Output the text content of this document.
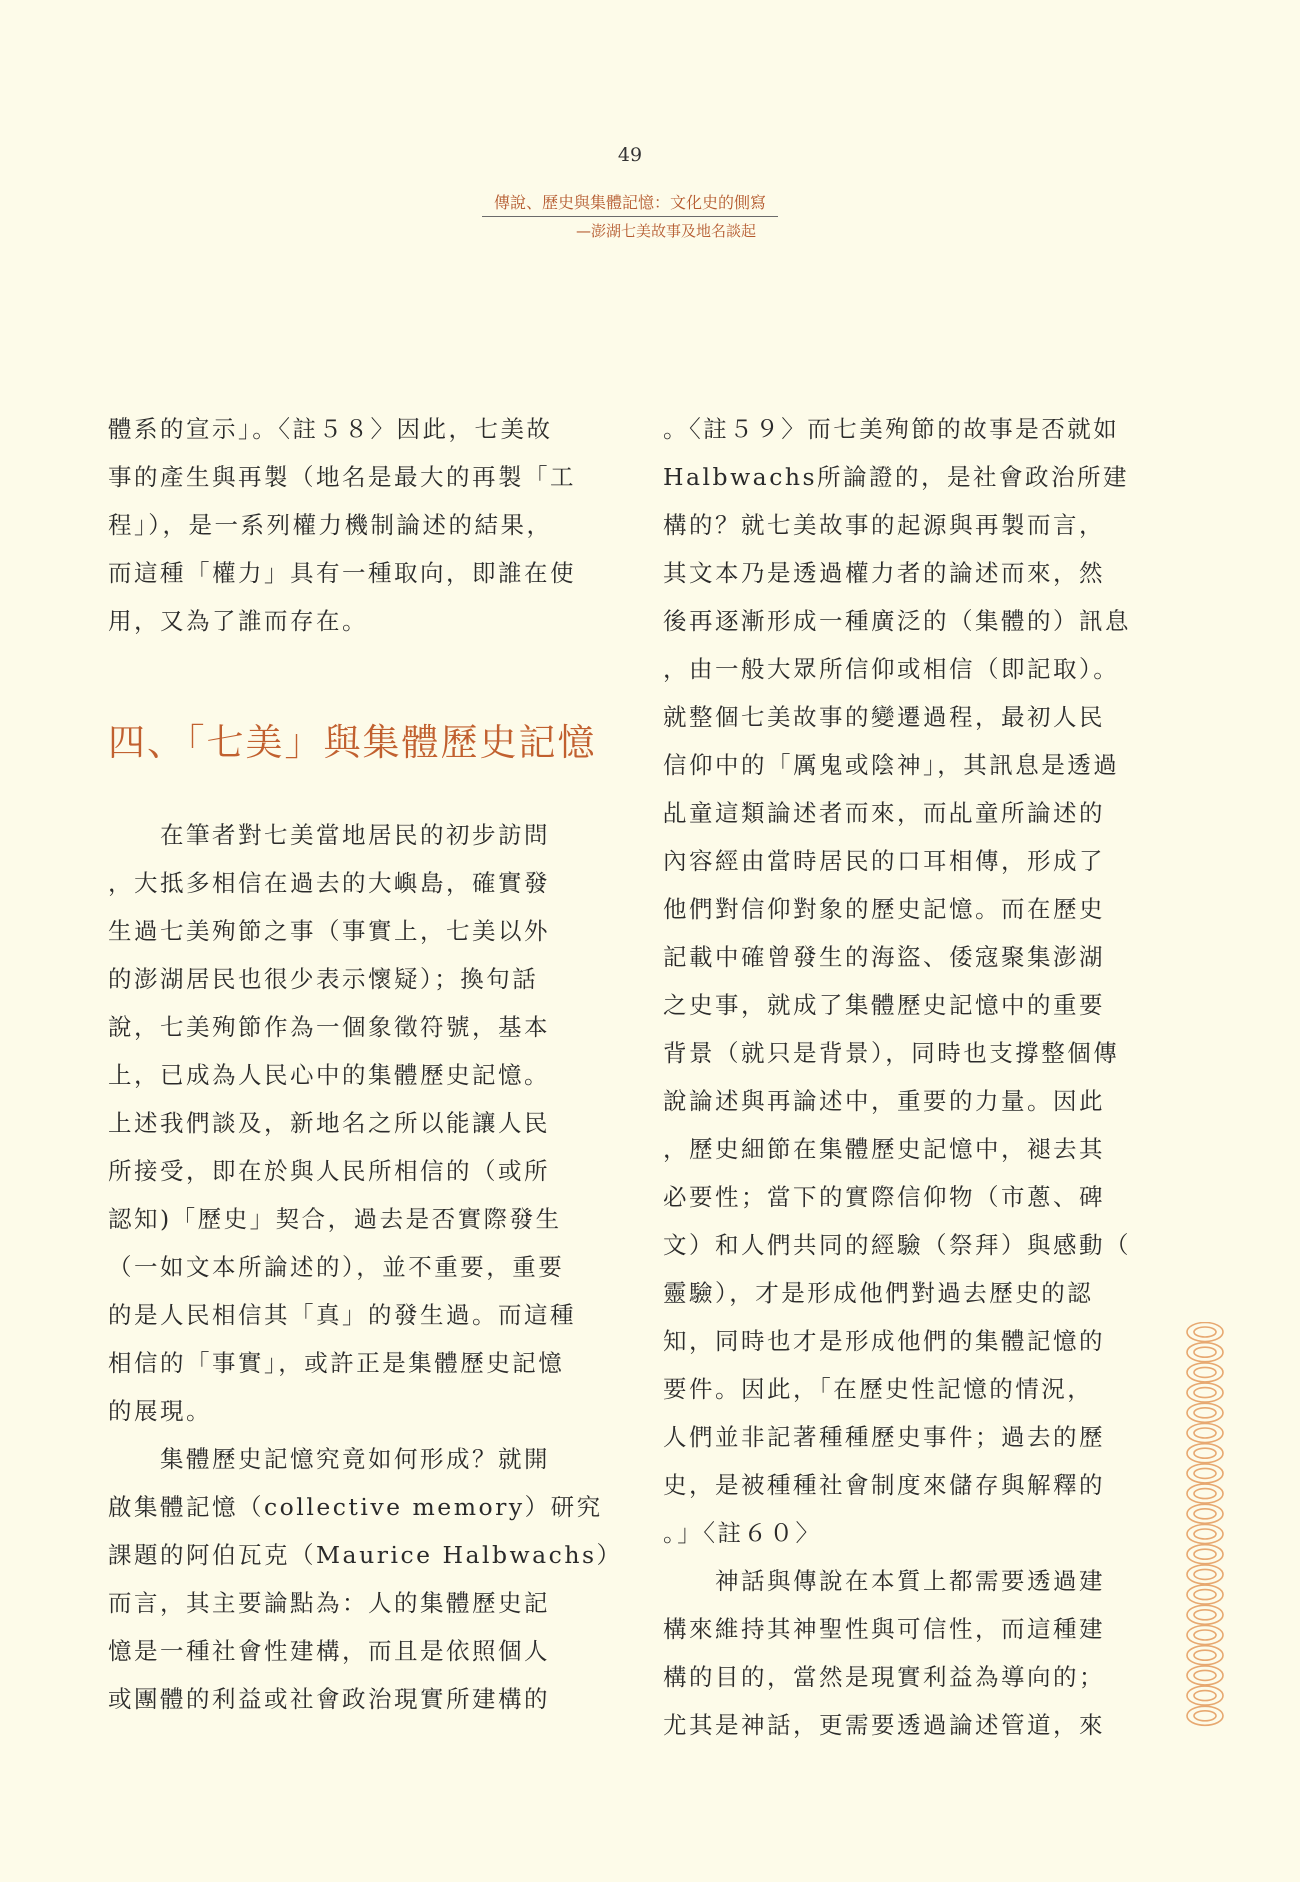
49
傳說、歷史與集體記憶：文化史的側寫
—澎湖七美故事及地名談起
體系的宣示」。〈註５８〉因此，七美故
事的產生與再製（地名是最大的再製「工
程」），是一系列權力機制論述的結果，
而這種「權力」具有一種取向，即誰在使
用，又為了誰而存在。
四、「七美」與集體歷史記憶
　　在筆者對七美當地居民的初步訪問
，大抵多相信在過去的大嶼島，確實發
生過七美殉節之事（事實上，七美以外
的澎湖居民也很少表示懷疑）；換句話
說，七美殉節作為一個象徵符號，基本
上，已成為人民心中的集體歷史記憶。
上述我們談及，新地名之所以能讓人民
所接受，即在於與人民所相信的（或所
認知)「歷史」契合，過去是否實際發生
（一如文本所論述的），並不重要，重要
的是人民相信其「真」的發生過。而這種
相信的「事實」，或許正是集體歷史記憶
的展現。
　　集體歷史記憶究竟如何形成？就開
啟集體記憶（collective memory）研究
課題的阿伯瓦克（Maurice Halbwachs）
而言，其主要論點為：人的集體歷史記
憶是一種社會性建構，而且是依照個人
或團體的利益或社會政治現實所建構的
。〈註５９〉而七美殉節的故事是否就如
Halbwachs所論證的，是社會政治所建
構的？就七美故事的起源與再製而言，
其文本乃是透過權力者的論述而來，然
後再逐漸形成一種廣泛的（集體的）訊息
，由一般大眾所信仰或相信（即記取）。
就整個七美故事的變遷過程，最初人民
信仰中的「厲鬼或陰神」，其訊息是透過
乩童這類論述者而來，而乩童所論述的
內容經由當時居民的口耳相傳，形成了
他們對信仰對象的歷史記憶。而在歷史
記載中確曾發生的海盜、倭寇聚集澎湖
之史事，就成了集體歷史記憶中的重要
背景（就只是背景），同時也支撐整個傳
說論述與再論述中，重要的力量。因此
，歷史細節在集體歷史記憶中，褪去其
必要性；當下的實際信仰物（市蔥、碑
文）和人們共同的經驗（祭拜）與感動（
靈驗），才是形成他們對過去歷史的認
知，同時也才是形成他們的集體記憶的
要件。因此，「在歷史性記憶的情況，
人們並非記著種種歷史事件；過去的歷
史，是被種種社會制度來儲存與解釋的
。」〈註６０〉
　　神話與傳說在本質上都需要透過建
構來維持其神聖性與可信性，而這種建
構的目的，當然是現實利益為導向的；
尤其是神話，更需要透過論述管道，來
